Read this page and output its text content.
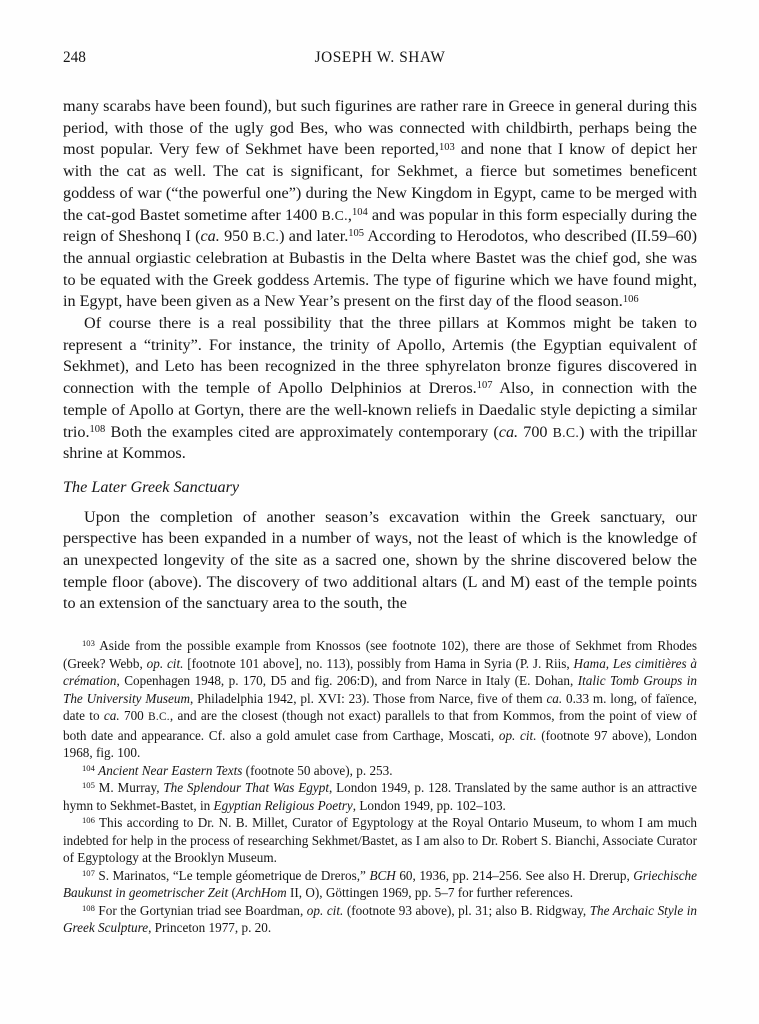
248	JOSEPH W. SHAW

many scarabs have been found), but such figurines are rather rare in Greece in general during this period, with those of the ugly god Bes, who was connected with childbirth, perhaps being the most popular. Very few of Sekhmet have been reported,$^{103}$ and none that I know of depict her with the cat as well. The cat is significant, for Sekhmet, a fierce but sometimes beneficent goddess of war (“the powerful one”) during the New Kingdom in Egypt, came to be merged with the cat-god Bastet sometime after 1400 B.C.,$^{104}$ and was popular in this form especially during the reign of Sheshonq I (ca. 950 B.C.) and later.$^{105}$ According to Herodotos, who described (II.59–60) the annual orgiastic celebration at Bubastis in the Delta where Bastet was the chief god, she was to be equated with the Greek goddess Artemis. The type of figurine which we have found might, in Egypt, have been given as a New Year’s present on the first day of the flood season.$^{106}$

Of course there is a real possibility that the three pillars at Kommos might be taken to represent a “trinity”. For instance, the trinity of Apollo, Artemis (the Egyptian equivalent of Sekhmet), and Leto has been recognized in the three sphyrelaton bronze figures discovered in connection with the temple of Apollo Delphinios at Dreros.$^{107}$ Also, in connection with the temple of Apollo at Gortyn, there are the well-known reliefs in Daedalic style depicting a similar trio.$^{108}$ Both the examples cited are approximately contemporary (ca. 700 B.C.) with the tripillar shrine at Kommos.

The Later Greek Sanctuary

Upon the completion of another season’s excavation within the Greek sanctuary, our perspective has been expanded in a number of ways, not the least of which is the knowledge of an unexpected longevity of the site as a sacred one, shown by the shrine discovered below the temple floor (above). The discovery of two additional altars (L and M) east of the temple points to an extension of the sanctuary area to the south, the

$^{103}$ Aside from the possible example from Knossos (see footnote 102), there are those of Sekhmet from Rhodes (Greek? Webb, op. cit. [footnote 101 above], no. 113), possibly from Hama in Syria (P. J. Riis, Hama, Les cimitières à crémation, Copenhagen 1948, p. 170, D5 and fig. 206:D), and from Narce in Italy (E. Dohan, Italic Tomb Groups in The University Museum, Philadelphia 1942, pl. XVI: 23). Those from Narce, five of them ca. 0.33 m. long, of faïence, date to ca. 700 B.C., and are the closest (though not exact) parallels to that from Kommos, from the point of view of both date and appearance. Cf. also a gold amulet case from Carthage, Moscati, op. cit. (footnote 97 above), London 1968, fig. 100.

$^{104}$ Ancient Near Eastern Texts (footnote 50 above), p. 253.

$^{105}$ M. Murray, The Splendour That Was Egypt, London 1949, p. 128. Translated by the same author is an attractive hymn to Sekhmet-Bastet, in Egyptian Religious Poetry, London 1949, pp. 102–103.

$^{106}$ This according to Dr. N. B. Millet, Curator of Egyptology at the Royal Ontario Museum, to whom I am much indebted for help in the process of researching Sekhmet/Bastet, as I am also to Dr. Robert S. Bianchi, Associate Curator of Egyptology at the Brooklyn Museum.

$^{107}$ S. Marinatos, “Le temple géometrique de Dreros,” BCH 60, 1936, pp. 214–256. See also H. Drerup, Griechische Baukunst in geometrischer Zeit (ArchHom II, O), Göttingen 1969, pp. 5–7 for further references.

$^{108}$ For the Gortynian triad see Boardman, op. cit. (footnote 93 above), pl. 31; also B. Ridgway, The Archaic Style in Greek Sculpture, Princeton 1977, p. 20.
